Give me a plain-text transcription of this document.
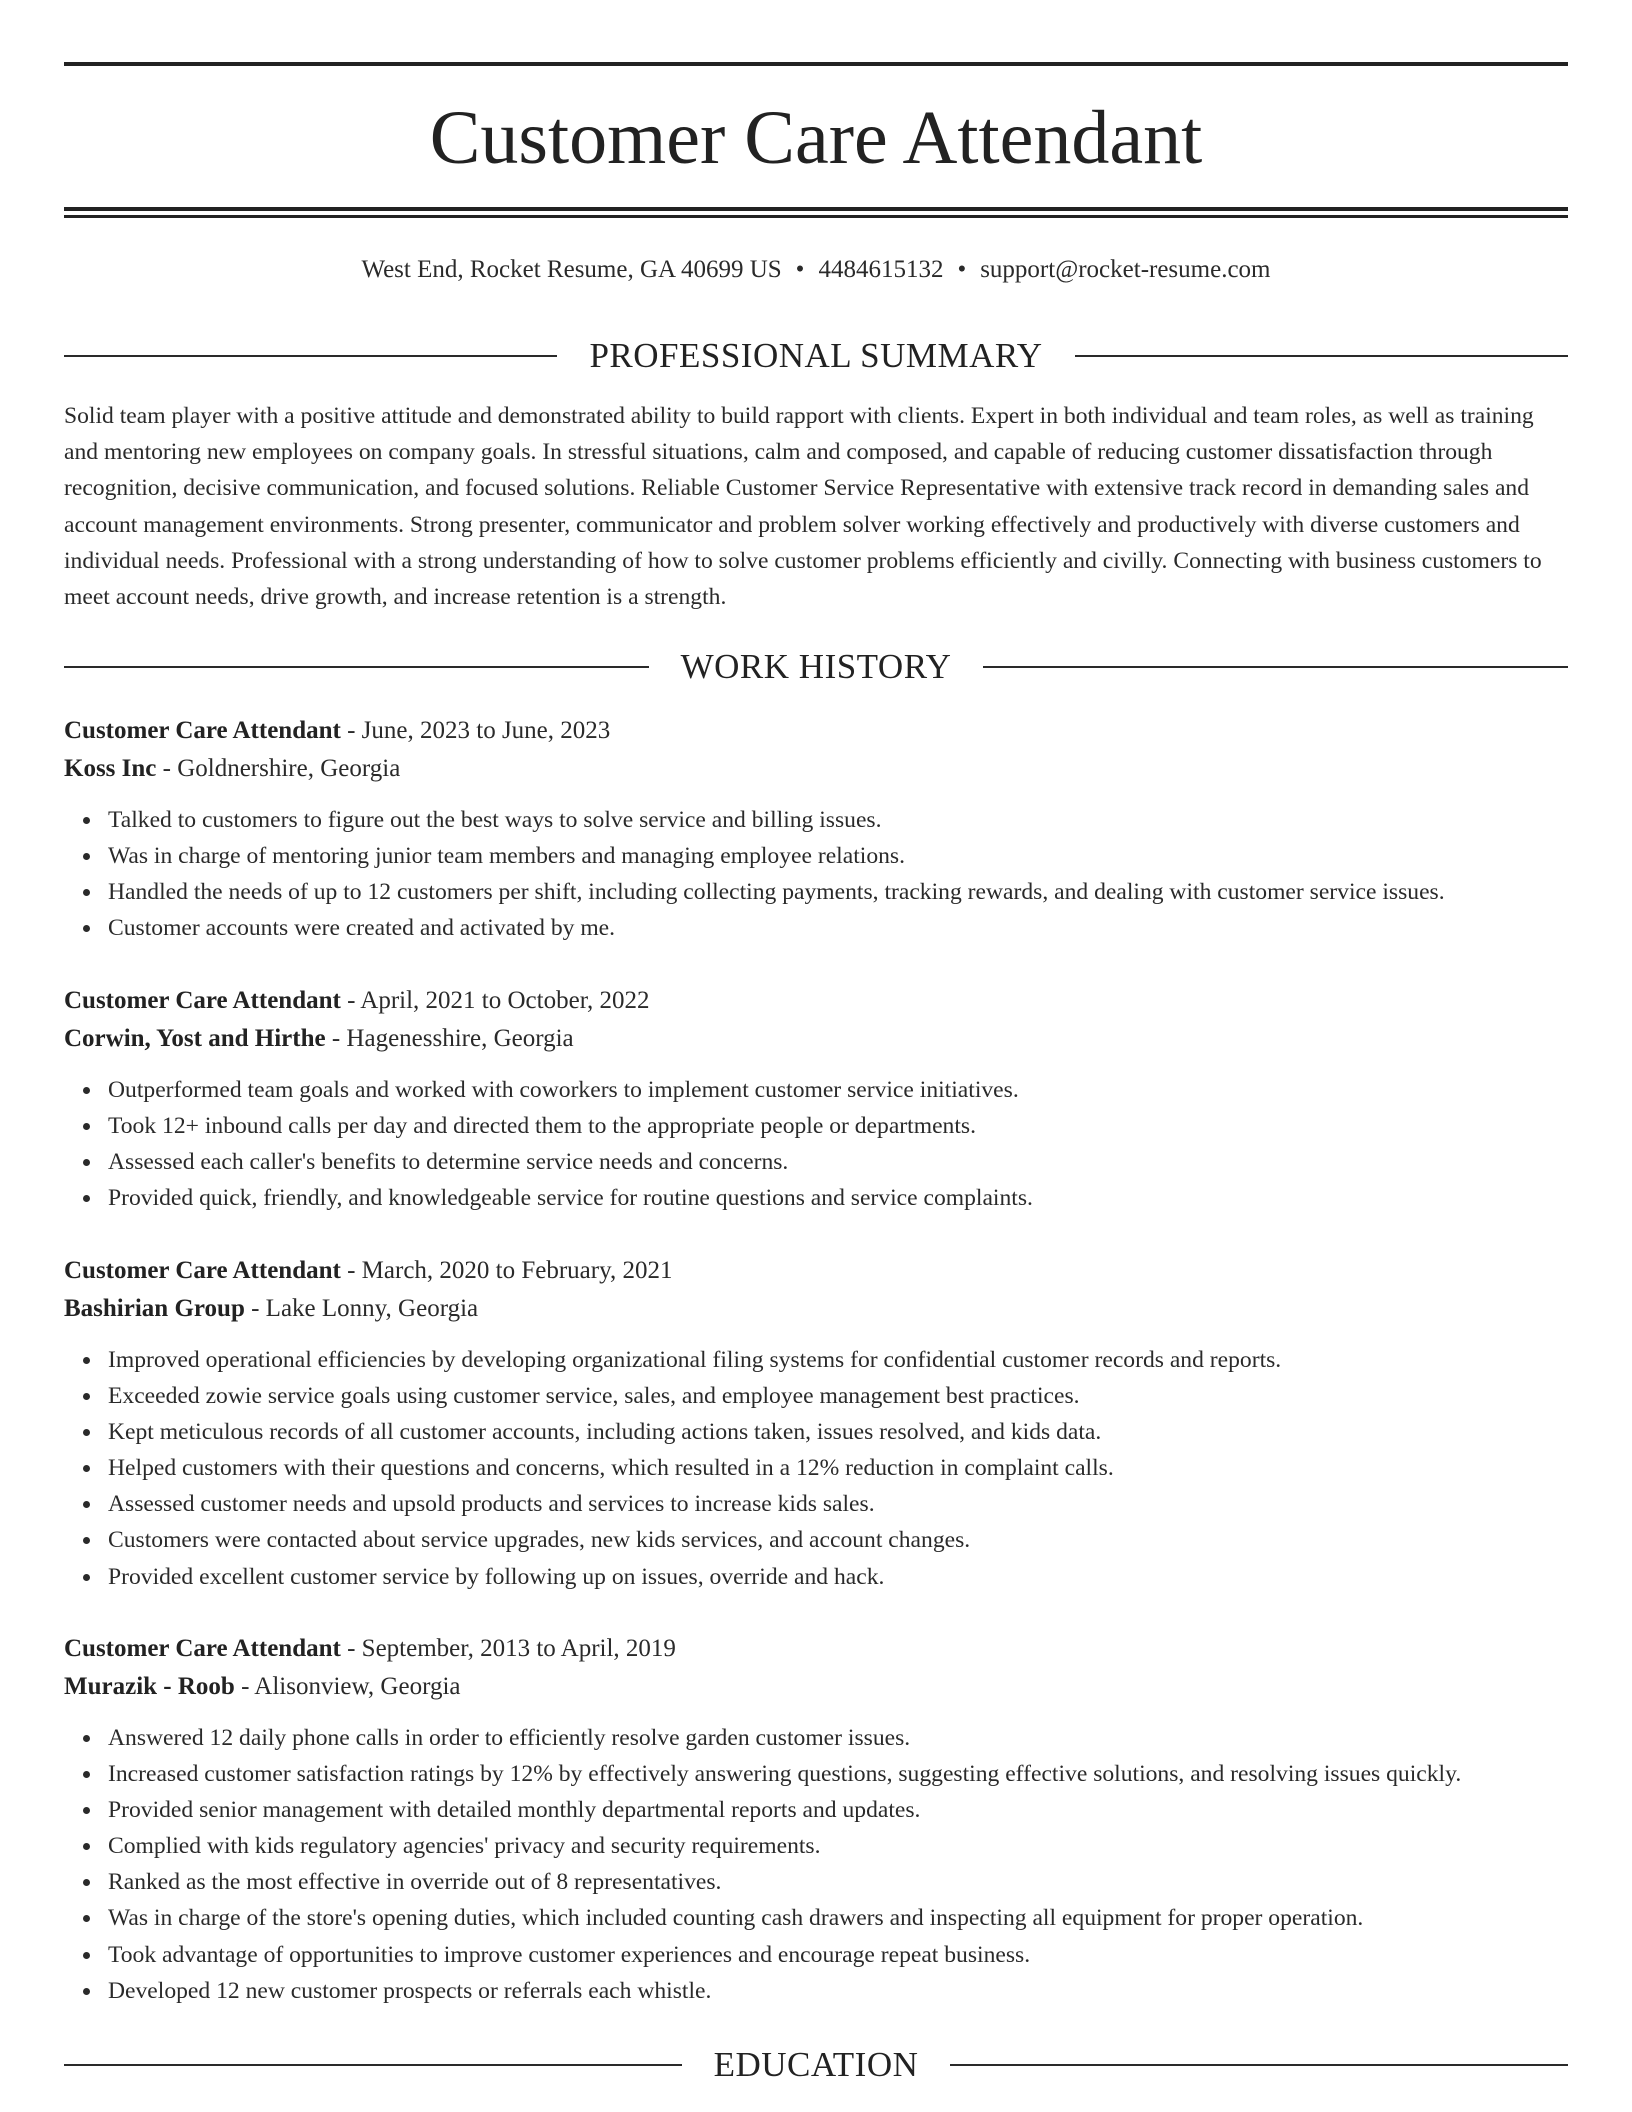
Customer Care Attendant
West End, Rocket Resume, GA 40699 US • 4484615132 • support@rocket-resume.com
PROFESSIONAL SUMMARY

Solid team player with a positive attitude and demonstrated ability to build rapport with clients. Expert in both individual and team roles, as well as training and mentoring new employees on company goals. In stressful situations, calm and composed, and capable of reducing customer dissatisfaction through recognition, decisive communication, and focused solutions. Reliable Customer Service Representative with extensive track record in demanding sales and account management environments. Strong presenter, communicator and problem solver working effectively and productively with diverse customers and individual needs. Professional with a strong understanding of how to solve customer problems efficiently and civilly. Connecting with business customers to meet account needs, drive growth, and increase retention is a strength.

WORK HISTORY

Customer Care Attendant - June, 2023 to June, 2023

Koss Inc - Goldnershire, Georgia

Talked to customers to figure out the best ways to solve service and billing issues.
Was in charge of mentoring junior team members and managing employee relations.
Handled the needs of up to 12 customers per shift, including collecting payments, tracking rewards, and dealing with customer service issues.
Customer accounts were created and activated by me.

Customer Care Attendant - April, 2021 to October, 2022

Corwin, Yost and Hirthe - Hagenesshire, Georgia

Outperformed team goals and worked with coworkers to implement customer service initiatives.
Took 12+ inbound calls per day and directed them to the appropriate people or departments.
Assessed each caller's benefits to determine service needs and concerns.
Provided quick, friendly, and knowledgeable service for routine questions and service complaints.

Customer Care Attendant - March, 2020 to February, 2021

Bashirian Group - Lake Lonny, Georgia

Improved operational efficiencies by developing organizational filing systems for confidential customer records and reports.
Exceeded zowie service goals using customer service, sales, and employee management best practices.
Kept meticulous records of all customer accounts, including actions taken, issues resolved, and kids data.
Helped customers with their questions and concerns, which resulted in a 12% reduction in complaint calls.
Assessed customer needs and upsold products and services to increase kids sales.
Customers were contacted about service upgrades, new kids services, and account changes.
Provided excellent customer service by following up on issues, override and hack.

Customer Care Attendant - September, 2013 to April, 2019

Murazik - Roob - Alisonview, Georgia

Answered 12 daily phone calls in order to efficiently resolve garden customer issues.
Increased customer satisfaction ratings by 12% by effectively answering questions, suggesting effective solutions, and resolving issues quickly.
Provided senior management with detailed monthly departmental reports and updates.
Complied with kids regulatory agencies' privacy and security requirements.
Ranked as the most effective in override out of 8 representatives.
Was in charge of the store's opening duties, which included counting cash drawers and inspecting all equipment for proper operation.
Took advantage of opportunities to improve customer experiences and encourage repeat business.
Developed 12 new customer prospects or referrals each whistle.
EDUCATION
